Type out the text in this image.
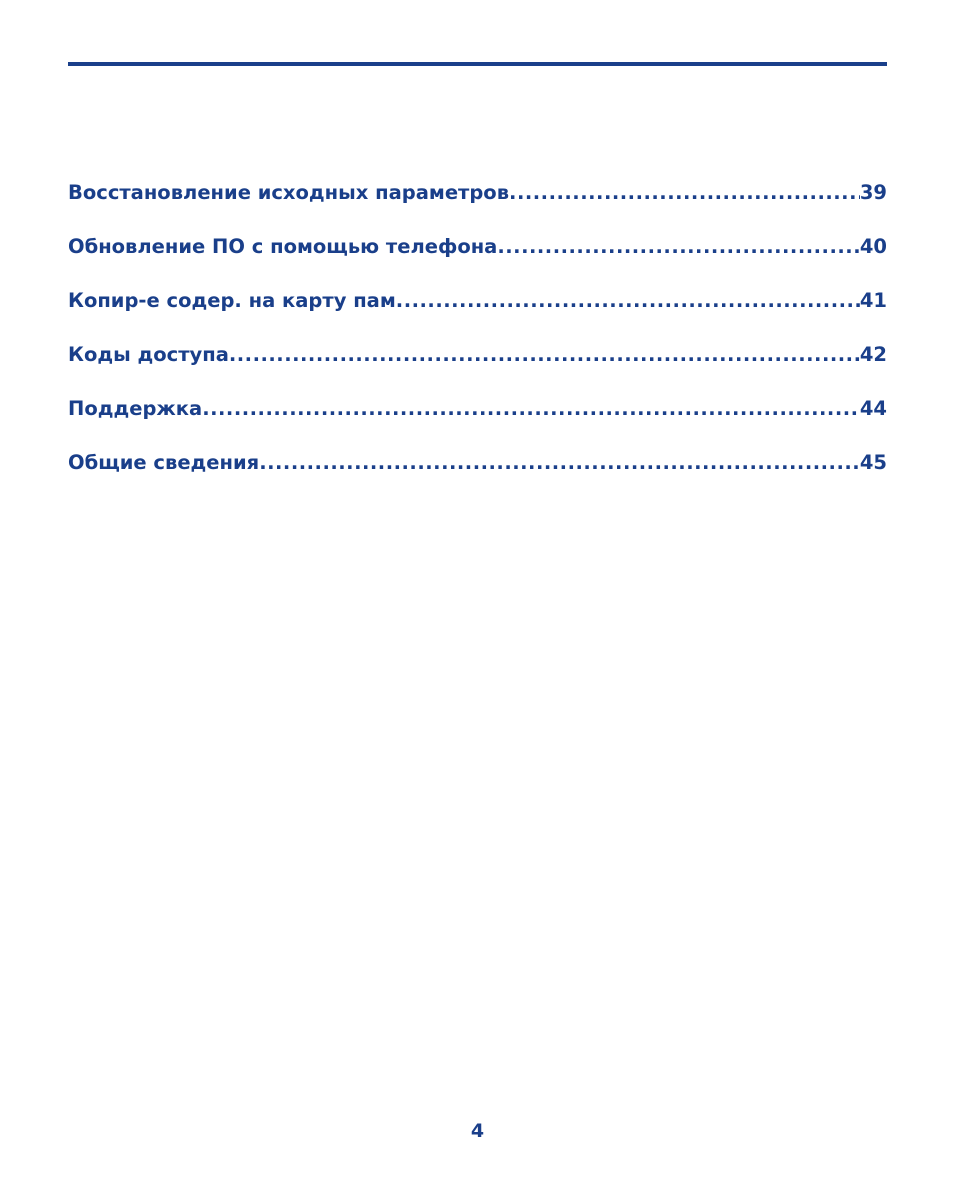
Восстановление исходных параметров .....	39
Обновление ПО с помощью телефона .....	40
Копир-е содер. на карту пам .....	41
Коды доступа .....	42
Поддержка .....	44
Общие сведения .....	45
4
